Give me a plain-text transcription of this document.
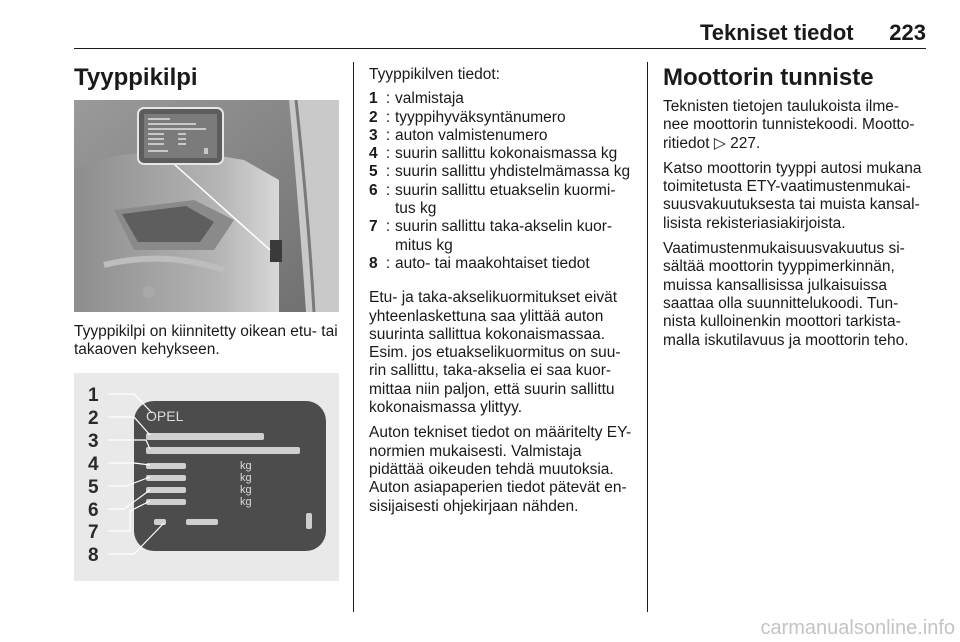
Tekniset tiedot	223
Tyyppikilpi
Tyyppikilpi on kiinnitetty oikean etu- tai takaoven kehykseen.
OPEL
kg
kg
kg
kg
1
2
3
4
5
6
7
8
Tyyppikilven tiedot:
1 : valmistaja
2 : tyyppihyväksyntänumero
3 : auton valmistenumero
4 : suurin sallittu kokonaismassa kg
5 : suurin sallittu yhdistelmämassa kg
6 : suurin sallittu etuakselin kuormi- tus kg
7 : suurin sallittu taka-akselin kuor- mitus kg
8 : auto- tai maakohtaiset tiedot

Etu- ja taka-akselikuormitukset eivät yhteenlaskettuna saa ylittää auton suurinta sallittua kokonaismassaa. Esim. jos etuakselikuormitus on suu- rin sallittu, taka-akselia ei saa kuor- mittaa niin paljon, että suurin sallittu kokonaismassa ylittyy.

Auton tekniset tiedot on määritelty EY-normien mukaisesti. Valmistaja pidättää oikeuden tehdä muutoksia. Auton asiapaperien tiedot pätevät en- sisijaisesti ohjekirjaan nähden.

Moottorin tunniste

Teknisten tietojen taulukoista ilme- nee moottorin tunnistekoodi. Mootto- ritiedot ▷ 227.

Katso moottorin tyyppi autosi mukana toimitetusta ETY-vaatimustenmukai- suusvakuutuksesta tai muista kansal- lisista rekisteriasiakirjoista.

Vaatimustenmukaisuusvakuutus si- sältää moottorin tyyppimerkinnän, muissa kansallisissa julkaisuissa saattaa olla suunnittelukoodi. Tun- nista kulloinenkin moottori tarkista- malla iskutilavuus ja moottorin teho.

carmanualsonline.info
